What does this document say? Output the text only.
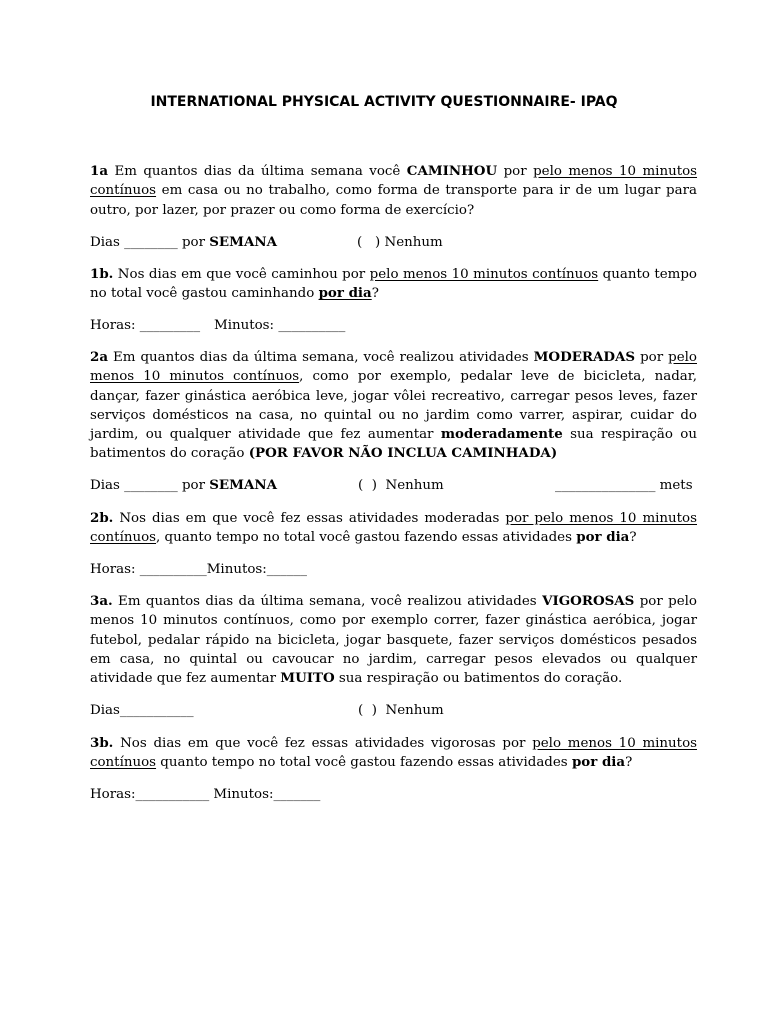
INTERNATIONAL PHYSICAL ACTIVITY QUESTIONNAIRE- IPAQ
1a Em quantos dias da última semana você CAMINHOU por pelo menos 10 minutos contínuos em casa ou no trabalho, como forma de transporte para ir de um lugar para outro, por lazer, por prazer ou como forma de exercício?

Dias ________ por SEMANA

	(   ) Nenhum

1b. Nos dias em que você caminhou por pelo menos 10 minutos contínuos quanto tempo no total você gastou caminhando por dia?

Horas: _________

Minutos: __________

2a Em quantos dias da última semana, você realizou atividades MODERADAS por pelo menos 10 minutos contínuos, como por exemplo, pedalar leve de bicicleta, nadar, dançar, fazer ginástica aeróbica leve, jogar vôlei recreativo, carregar pesos leves, fazer serviços domésticos na casa, no quintal ou no jardim como varrer, aspirar, cuidar do jardim, ou qualquer atividade que fez aumentar moderadamente sua respiração ou batimentos do coração (POR FAVOR NÃO INCLUA CAMINHADA)

Dias ________ por SEMANA

	(  )  Nenhum

	_______________ mets

2b. Nos dias em que você fez essas atividades moderadas por pelo menos 10 minutos contínuos, quanto tempo no total você gastou fazendo essas atividades por dia?

Horas: __________Minutos:______

3a. Em quantos dias da última semana, você realizou atividades VIGOROSAS por pelo menos 10 minutos contínuos, como por exemplo correr, fazer ginástica aeróbica, jogar futebol, pedalar rápido na bicicleta, jogar basquete, fazer serviços domésticos pesados em casa, no quintal ou cavoucar no jardim, carregar pesos elevados ou qualquer atividade que fez aumentar MUITO sua respiração ou batimentos do coração.

Dias___________

	(  )  Nenhum

3b. Nos dias em que você fez essas atividades vigorosas por pelo menos 10 minutos contínuos quanto tempo no total você gastou fazendo essas atividades por dia?

Horas:___________ Minutos:_______
